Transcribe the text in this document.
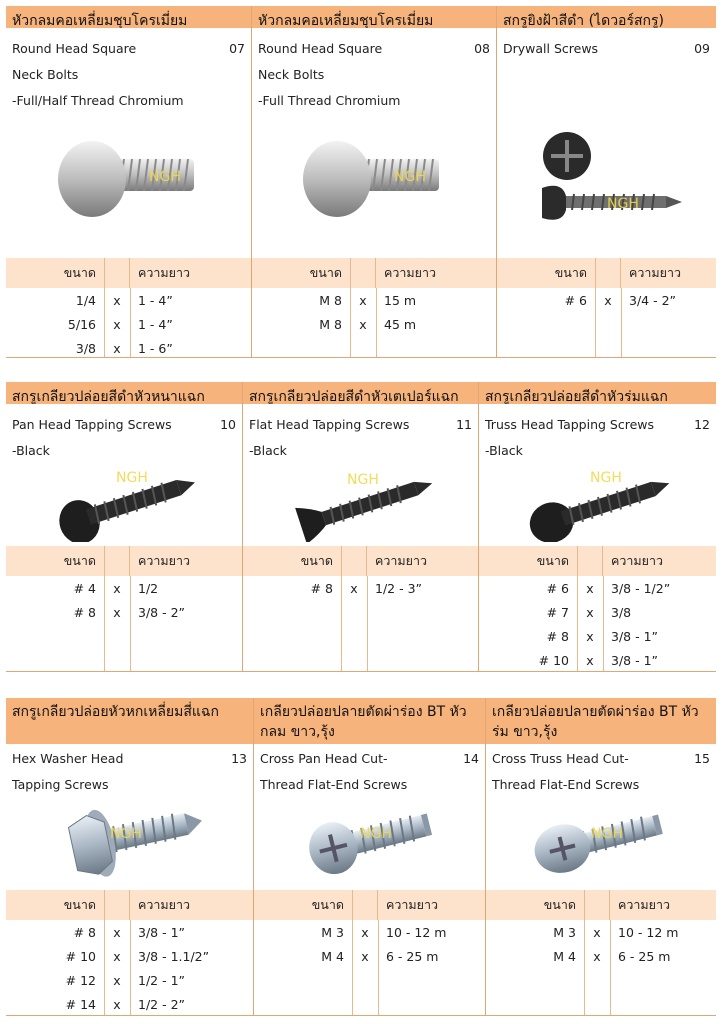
หัวกลมคอเหลี่ยมชุบโครเมี่ยม
Round Head Square
Neck Bolts
-Full/Half Thread Chromium
07
NGH
ขนาด	ความยาว
1/4	x	1 - 4”
5/16	x	1 - 4”
3/8	x	1 - 6”
หัวกลมคอเหลี่ยมชุบโครเมี่ยม
Round Head Square
Neck Bolts
-Full Thread Chromium
08
NGH
ขนาด	ความยาว
M 8	x	15 m
M 8	x	45 m
สกรูยิงฝ้าสีดำ (ไดวอร์สกรู)
Drywall Screws	09
NGH
ขนาด	ความยาว
# 6	x	3/4 - 2”
สกรูเกลียวปล่อยสีดำหัวหนาแฉก
Pan Head Tapping Screws
-Black
10
NGH
ขนาด	ความยาว
# 4	x	1/2
# 8	x	3/8 - 2”
สกรูเกลียวปล่อยสีดำหัวเตเปอร์แฉก
Flat Head Tapping Screws
-Black
11
NGH
ขนาด	ความยาว
# 8	x	1/2 - 3”
สกรูเกลียวปล่อยสีดำหัวร่มแฉก
Truss Head Tapping Screws
-Black
12
NGH
ขนาด	ความยาว
# 6	x	3/8 - 1/2”
# 7	x	3/8
# 8	x	3/8 - 1”
# 10	x	3/8 - 1”
สกรูเกลียวปล่อยหัวหกเหลี่ยมสี่แฉก
Hex Washer Head
Tapping Screws
13
NGH
ขนาด	ความยาว
# 8	x	3/8 - 1”
# 10	x	3/8 - 1.1/2”
# 12	x	1/2 - 1”
# 14	x	1/2 - 2”
เกลียวปล่อยปลายตัดผ่าร่อง BT หัวกลม ขาว,รุ้ง
Cross Pan Head Cut-
Thread Flat-End Screws
14
NGH
ขนาด	ความยาว
M 3	x	10 - 12 m
M 4	x	6 - 25 m
เกลียวปล่อยปลายตัดผ่าร่อง BT หัวร่ม ขาว,รุ้ง
Cross Truss Head Cut-
Thread Flat-End Screws
15
NGH
ขนาด	ความยาว
M 3	x	10 - 12 m
M 4	x	6 - 25 m
